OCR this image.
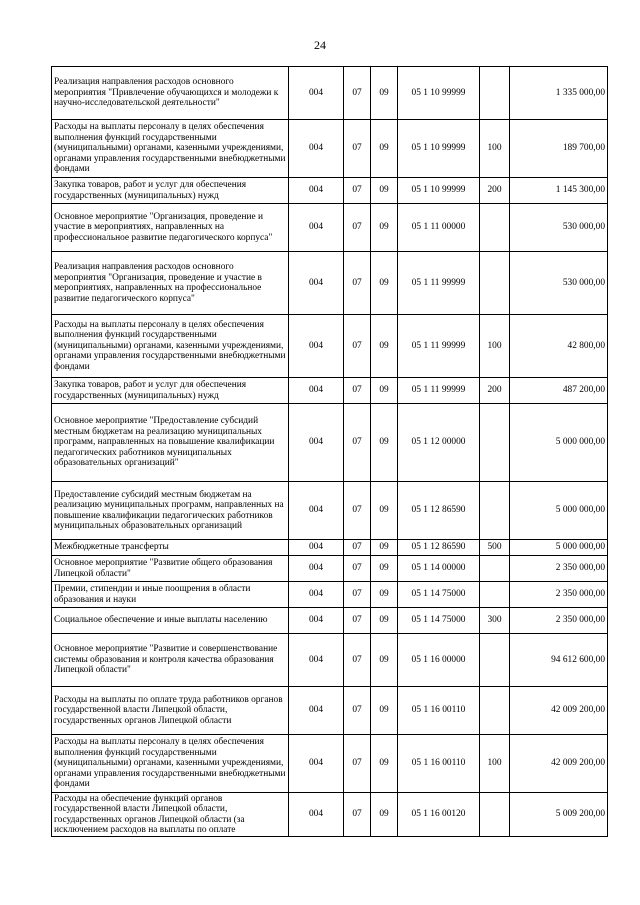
24
Реализация направления расходов основного мероприятия "Привлечение обучающихся и молодежи к научно-исследовательской деятельности"	004	07	09	05 1 10 99999		1 335 000,00
Расходы на выплаты персоналу в целях обеспечения выполнения функций государственными (муниципальными) органами, казенными учреждениями, органами управления государственными внебюджетными фондами	004	07	09	05 1 10 99999	100	189 700,00
Закупка товаров, работ и услуг для обеспечения государственных (муниципальных) нужд	004	07	09	05 1 10 99999	200	1 145 300,00
Основное мероприятие "Организация, проведение и участие в мероприятиях, направленных на профессиональное развитие педагогического корпуса"	004	07	09	05 1 11 00000		530 000,00
Реализация направления расходов основного мероприятия "Организация, проведение и участие в мероприятиях, направленных на профессиональное развитие педагогического корпуса"	004	07	09	05 1 11 99999		530 000,00
Расходы на выплаты персоналу в целях обеспечения выполнения функций государственными (муниципальными) органами, казенными учреждениями, органами управления государственными внебюджетными фондами	004	07	09	05 1 11 99999	100	42 800,00
Закупка товаров, работ и услуг для обеспечения государственных (муниципальных) нужд	004	07	09	05 1 11 99999	200	487 200,00
Основное мероприятие "Предоставление субсидий местным бюджетам на реализацию муниципальных программ, направленных на повышение квалификации педагогических работников муниципальных образовательных организаций"	004	07	09	05 1 12 00000		5 000 000,00
Предоставление субсидий местным бюджетам на реализацию муниципальных программ, направленных на повышение квалификации педагогических работников муниципальных образовательных организаций	004	07	09	05 1 12 86590		5 000 000,00
Межбюджетные трансферты	004	07	09	05 1 12 86590	500	5 000 000,00
Основное мероприятие "Развитие общего образования Липецкой области"	004	07	09	05 1 14 00000		2 350 000,00
Премии, стипендии и иные поощрения в области образования и науки	004	07	09	05 1 14 75000		2 350 000,00
Социальное обеспечение и иные выплаты населению	004	07	09	05 1 14 75000	300	2 350 000,00
Основное мероприятие "Развитие и совершенствование системы образования и контроля качества образования Липецкой области"	004	07	09	05 1 16 00000		94 612 600,00
Расходы на выплаты по оплате труда работников органов государственной власти Липецкой области, государственных органов Липецкой области	004	07	09	05 1 16 00110		42 009 200,00
Расходы на выплаты персоналу в целях обеспечения выполнения функций государственными (муниципальными) органами, казенными учреждениями, органами управления государственными внебюджетными фондами	004	07	09	05 1 16 00110	100	42 009 200,00
Расходы на обеспечение функций органов государственной власти Липецкой области, государственных органов Липецкой области (за исключением расходов на выплаты по оплате	004	07	09	05 1 16 00120		5 009 200,00
